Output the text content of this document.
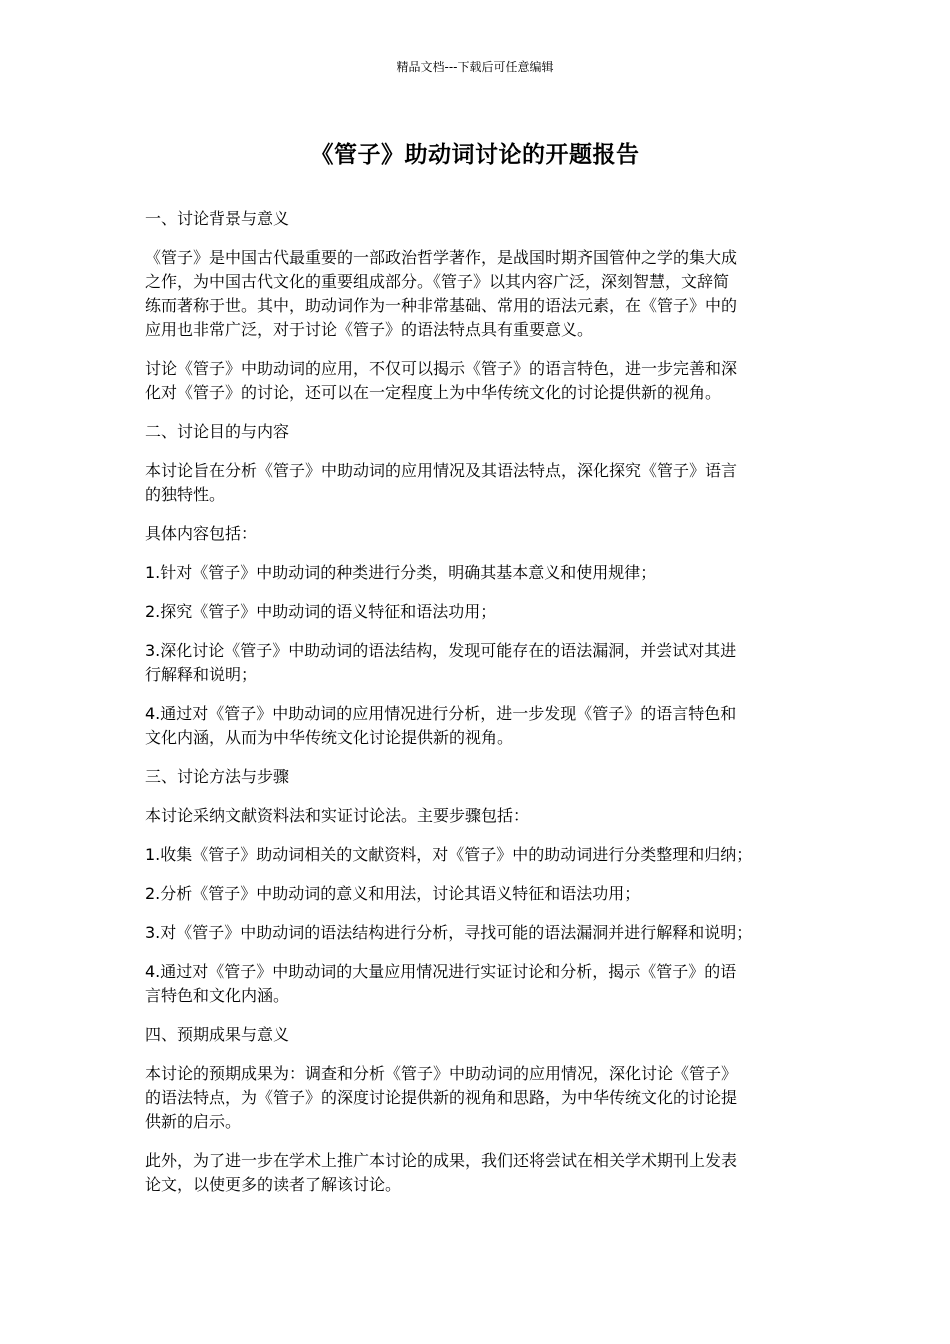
精品文档---下载后可任意编辑
《管子》助动词讨论的开题报告

一、讨论背景与意义

《管子》是中国古代最重要的一部政治哲学著作，是战国时期齐国管仲之学的集大成
之作，为中国古代文化的重要组成部分。《管子》以其内容广泛，深刻智慧，文辞简
练而著称于世。其中，助动词作为一种非常基础、常用的语法元素，在《管子》中的
应用也非常广泛，对于讨论《管子》的语法特点具有重要意义。

讨论《管子》中助动词的应用，不仅可以揭示《管子》的语言特色，进一步完善和深
化对《管子》的讨论，还可以在一定程度上为中华传统文化的讨论提供新的视角。

二、讨论目的与内容

本讨论旨在分析《管子》中助动词的应用情况及其语法特点，深化探究《管子》语言
的独特性。

具体内容包括：

1.针对《管子》中助动词的种类进行分类，明确其基本意义和使用规律；

2.探究《管子》中助动词的语义特征和语法功用；

3.深化讨论《管子》中助动词的语法结构，发现可能存在的语法漏洞，并尝试对其进
行解释和说明；

4.通过对《管子》中助动词的应用情况进行分析，进一步发现《管子》的语言特色和
文化内涵，从而为中华传统文化讨论提供新的视角。

三、讨论方法与步骤

本讨论采纳文献资料法和实证讨论法。主要步骤包括：

1.收集《管子》助动词相关的文献资料，对《管子》中的助动词进行分类整理和归纳；

2.分析《管子》中助动词的意义和用法，讨论其语义特征和语法功用；

3.对《管子》中助动词的语法结构进行分析，寻找可能的语法漏洞并进行解释和说明；

4.通过对《管子》中助动词的大量应用情况进行实证讨论和分析，揭示《管子》的语
言特色和文化内涵。

四、预期成果与意义

本讨论的预期成果为：调查和分析《管子》中助动词的应用情况，深化讨论《管子》
的语法特点，为《管子》的深度讨论提供新的视角和思路，为中华传统文化的讨论提
供新的启示。

此外，为了进一步在学术上推广本讨论的成果，我们还将尝试在相关学术期刊上发表
论文，以使更多的读者了解该讨论。
